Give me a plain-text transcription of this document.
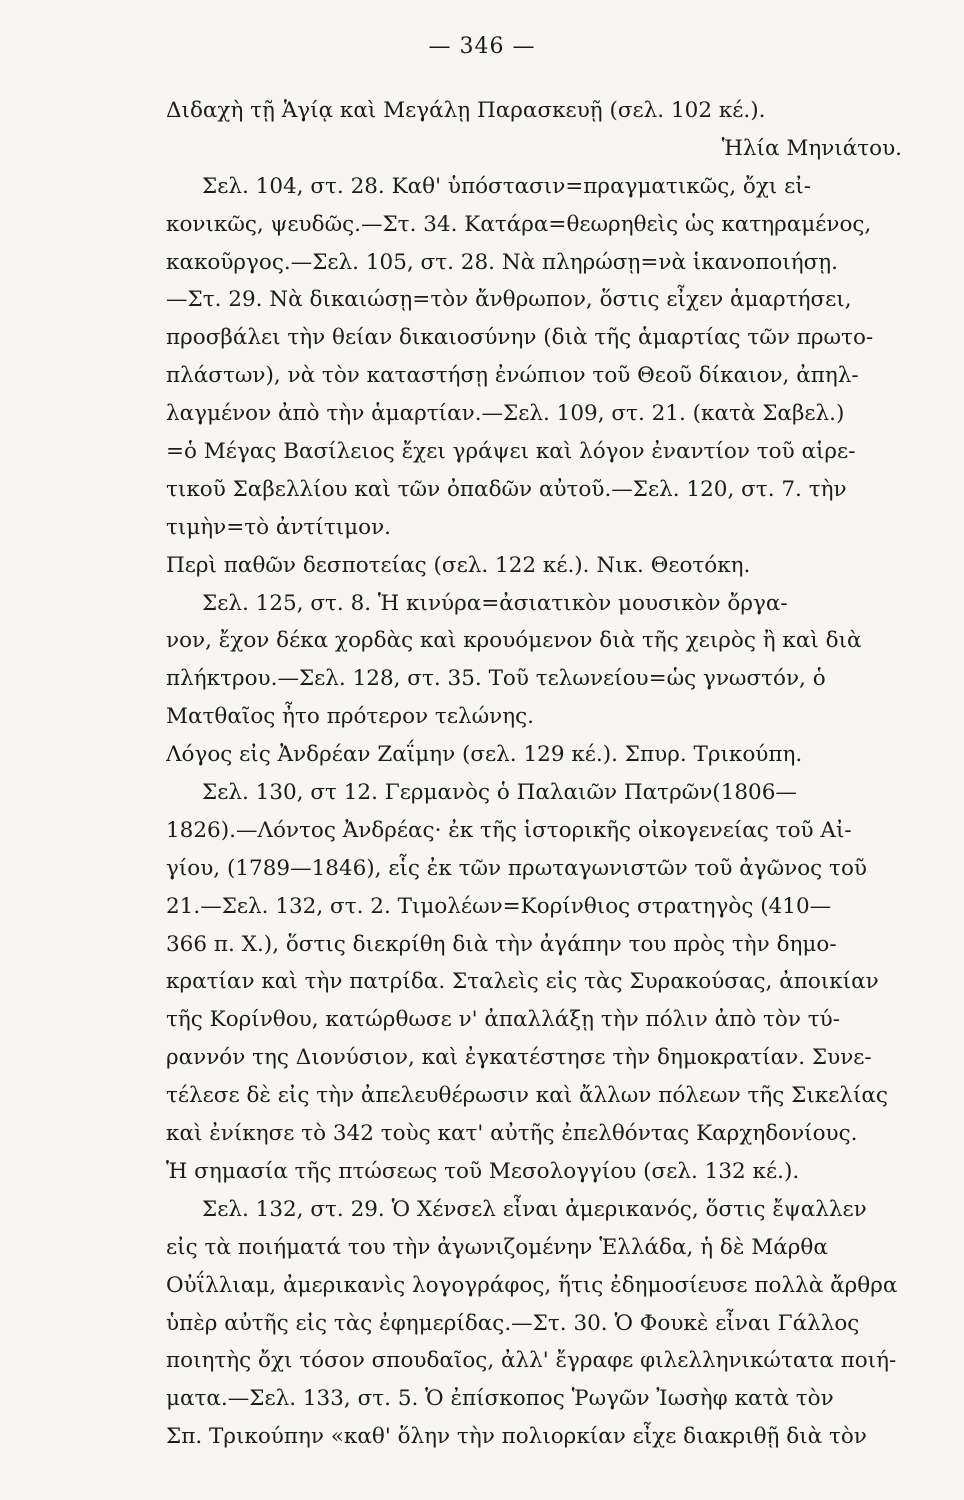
— 346 —
Διδαχὴ τῇ Ἁγίᾳ καὶ Μεγάλῃ Παρασκευῇ (σελ. 102 κέ.).
Ἡλία Μηνιάτου.
Σελ. 104, στ. 28. Καθ' ὑπόστασιν=πραγματικῶς, ὄχι εἰ-
κονικῶς, ψευδῶς.—Στ. 34. Κατάρα=θεωρηθεὶς ὡς κατηραμένος,
κακοῦργος.—Σελ. 105, στ. 28. Νὰ πληρώσῃ=νὰ ἱκανοποιήσῃ.
—Στ. 29. Νὰ δικαιώσῃ=τὸν ἄνθρωπον, ὅστις εἶχεν ἁμαρτήσει,
προσβάλει τὴν θείαν δικαιοσύνην (διὰ τῆς ἁμαρτίας τῶν πρωτο-
πλάστων), νὰ τὸν καταστήσῃ ἐνώπιον τοῦ Θεοῦ δίκαιον, ἀπηλ-
λαγμένον ἀπὸ τὴν ἁμαρτίαν.—Σελ. 109, στ. 21. (κατὰ Σαβελ.)
=ὁ Μέγας Βασίλειος ἔχει γράψει καὶ λόγον ἐναντίον τοῦ αἱρε-
τικοῦ Σαβελλίου καὶ τῶν ὀπαδῶν αὐτοῦ.—Σελ. 120, στ. 7. τὴν
τιμὴν=τὸ ἀντίτιμον.
Περὶ παθῶν δεσποτείας (σελ. 122 κέ.). Νικ. Θεοτόκη.
Σελ. 125, στ. 8. Ἡ κινύρα=ἀσιατικὸν μουσικὸν ὄργα-
νον, ἔχον δέκα χορδὰς καὶ κρουόμενον διὰ τῆς χειρὸς ἢ καὶ διὰ
πλήκτρου.—Σελ. 128, στ. 35. Τοῦ τελωνείου=ὡς γνωστόν, ὁ
Ματθαῖος ἦτο πρότερον τελώνης.
Λόγος εἰς Ἀνδρέαν Ζαΐμην (σελ. 129 κέ.). Σπυρ. Τρικούπη.
Σελ. 130, στ 12. Γερμανὸς ὁ Παλαιῶν Πατρῶν(1806—
1826).—Λόντος Ἀνδρέας· ἐκ τῆς ἱστορικῆς οἰκογενείας τοῦ Αἰ-
γίου, (1789—1846), εἷς ἐκ τῶν πρωταγωνιστῶν τοῦ ἀγῶνος τοῦ
21.—Σελ. 132, στ. 2. Τιμολέων=Κορίνθιος στρατηγὸς (410—
366 π. Χ.), ὅστις διεκρίθη διὰ τὴν ἀγάπην του πρὸς τὴν δημο-
κρατίαν καὶ τὴν πατρίδα. Σταλεὶς εἰς τὰς Συρακούσας, ἀποικίαν
τῆς Κορίνθου, κατώρθωσε ν' ἀπαλλάξῃ τὴν πόλιν ἀπὸ τὸν τύ-
ραννόν της Διονύσιον, καὶ ἐγκατέστησε τὴν δημοκρατίαν. Συνε-
τέλεσε δὲ εἰς τὴν ἀπελευθέρωσιν καὶ ἄλλων πόλεων τῆς Σικελίας
καὶ ἐνίκησε τὸ 342 τοὺς κατ' αὐτῆς ἐπελθόντας Καρχηδονίους.
Ἡ σημασία τῆς πτώσεως τοῦ Μεσολογγίου (σελ. 132 κέ.).
Σελ. 132, στ. 29. Ὁ Χένσελ εἶναι ἀμερικανός, ὅστις ἔψαλλεν
εἰς τὰ ποιήματά του τὴν ἀγωνιζομένην Ἑλλάδα, ἡ δὲ Μάρθα
Οὐΐλλιαμ, ἀμερικανὶς λογογράφος, ἥτις ἐδημοσίευσε πολλὰ ἄρθρα
ὑπὲρ αὐτῆς εἰς τὰς ἐφημερίδας.—Στ. 30. Ὁ Φουκὲ εἶναι Γάλλος
ποιητὴς ὄχι τόσον σπουδαῖος, ἀλλ' ἔγραφε φιλελληνικώτατα ποιή-
ματα.—Σελ. 133, στ. 5. Ὁ ἐπίσκοπος Ῥωγῶν Ἰωσὴφ κατὰ τὸν
Σπ. Τρικούπην «καθ' ὅλην τὴν πολιορκίαν εἶχε διακριθῇ διὰ τὸν
